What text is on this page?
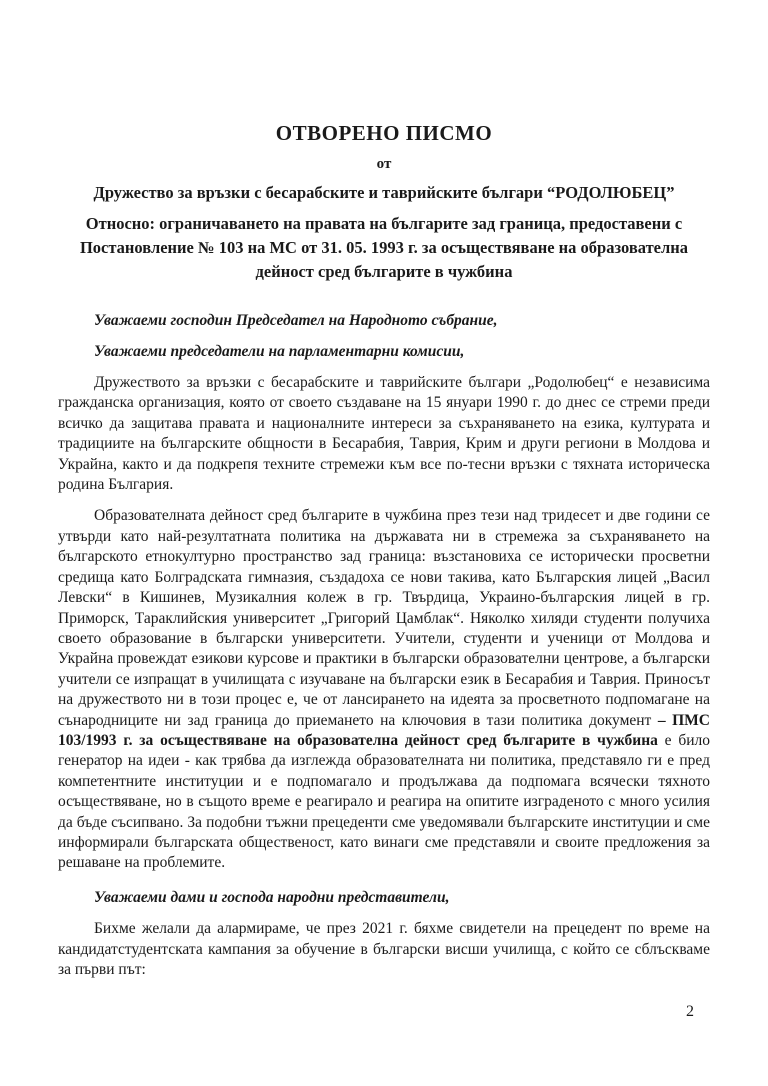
ОТВОРЕНО ПИСМО
от
Дружество за връзки с бесарабските и таврийските българи “РОДОЛЮБЕЦ”
Относно: ограничаването на правата на българите зад граница, предоставени с Постановление № 103 на МС от 31. 05. 1993 г. за осъществяване на образователна дейност сред българите в чужбина

Уважаеми господин Председател на Народното събрание,

Уважаеми председатели на парламентарни комисии,

Дружеството за връзки с бесарабските и таврийските българи „Родолюбец“ е независима гражданска организация, която от своето създаване на 15 януари 1990 г. до днес се стреми преди всичко да защитава правата и националните интереси за съхраняването на езика, културата и традициите на българските общности в Бесарабия, Таврия, Крим и други региони в Молдова и Украйна, както и да подкрепя техните стремежи към все по-тесни връзки с тяхната историческа родина България.

Образователната дейност сред българите в чужбина през тези над тридесет и две години се утвърди като най-резултатната политика на държавата ни в стремежа за съхраняването на българското етнокултурно пространство зад граница: възстановиха се исторически просветни средища като Болградската гимназия, създадоха се нови такива, като Българския лицей „Васил Левски“ в Кишинев, Музикалния колеж в гр. Твърдица, Украино-българския лицей в гр. Приморск, Тараклийския университет „Григорий Цамблак“. Няколко хиляди студенти получиха своето образование в български университети. Учители, студенти и ученици от Молдова и Украйна провеждат езикови курсове и практики в български образователни центрове, а български учители се изпращат в училищата с изучаване на български език в Бесарабия и Таврия. Приносът на дружеството ни в този процес е, че от лансирането на идеята за просветното подпомагане на сънародниците ни зад граница до приемането на ключовия в тази политика документ – ПМС 103/1993 г. за осъществяване на образователна дейност сред българите в чужбина е било генератор на идеи - как трябва да изглежда образователната ни политика, представяло ги е пред компетентните институции и е подпомагало и продължава да подпомага всячески тяхното осъществяване, но в същото време е реагирало и реагира на опитите изграденото с много усилия да бъде съсипвано. За подобни тъжни прецеденти сме уведомявали българските институции и сме информирали българската общественост, като винаги сме представяли и своите предложения за решаване на проблемите.

Уважаеми дами и господа народни представители,

Бихме желали да алармираме, че през 2021 г. бяхме свидетели на прецедент по време на кандидатстудентската кампания за обучение в български висши училища, с който се сблъскваме за първи път:

2
